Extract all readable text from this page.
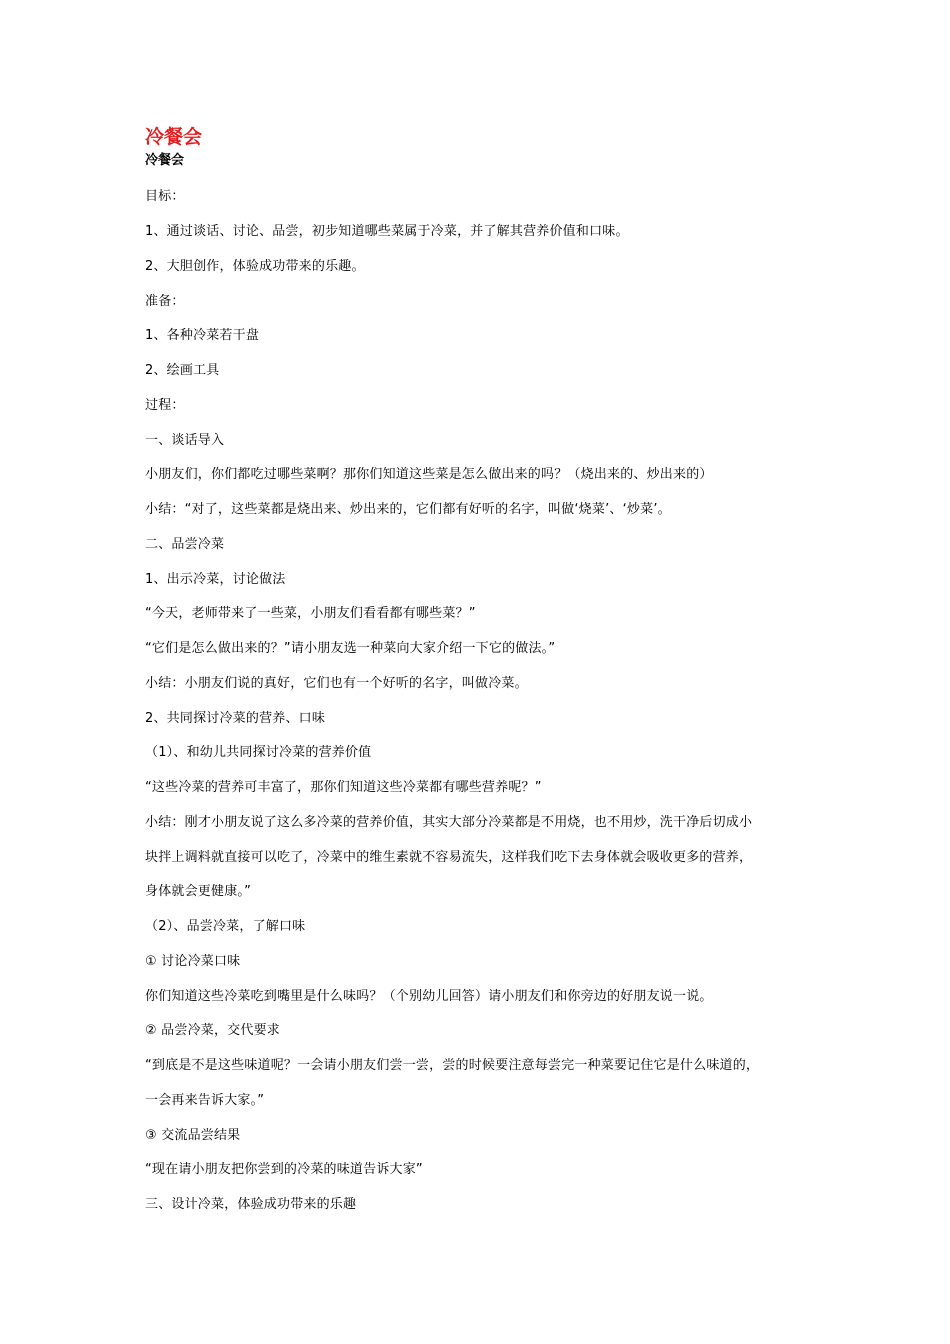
冷餐会
冷餐会
目标：
1、通过谈话、讨论、品尝，初步知道哪些菜属于冷菜，并了解其营养价值和口味。
2、大胆创作，体验成功带来的乐趣。
准备：
1、各种冷菜若干盘
2、绘画工具
过程：
一、谈话导入
小朋友们，你们都吃过哪些菜啊？那你们知道这些菜是怎么做出来的吗？（烧出来的、炒出来的）
小结：“对了，这些菜都是烧出来、炒出来的，它们都有好听的名字，叫做‘烧菜’、‘炒菜’。
二、品尝冷菜
1、出示冷菜，讨论做法
“今天，老师带来了一些菜，小朋友们看看都有哪些菜？”
“它们是怎么做出来的？”请小朋友选一种菜向大家介绍一下它的做法。”
小结：小朋友们说的真好，它们也有一个好听的名字，叫做冷菜。
2、共同探讨冷菜的营养、口味
（1）、和幼儿共同探讨冷菜的营养价值
“这些冷菜的营养可丰富了，那你们知道这些冷菜都有哪些营养呢？”
小结：刚才小朋友说了这么多冷菜的营养价值，其实大部分冷菜都是不用烧，也不用炒，洗干净后切成小
块拌上调料就直接可以吃了，冷菜中的维生素就不容易流失，这样我们吃下去身体就会吸收更多的营养，
身体就会更健康。”
（2）、品尝冷菜，了解口味
① 讨论冷菜口味
你们知道这些冷菜吃到嘴里是什么味吗？（个别幼儿回答）请小朋友们和你旁边的好朋友说一说。
② 品尝冷菜，交代要求
“到底是不是这些味道呢？一会请小朋友们尝一尝，尝的时候要注意每尝完一种菜要记住它是什么味道的，
一会再来告诉大家。”
③ 交流品尝结果
“现在请小朋友把你尝到的冷菜的味道告诉大家”
三、设计冷菜，体验成功带来的乐趣
